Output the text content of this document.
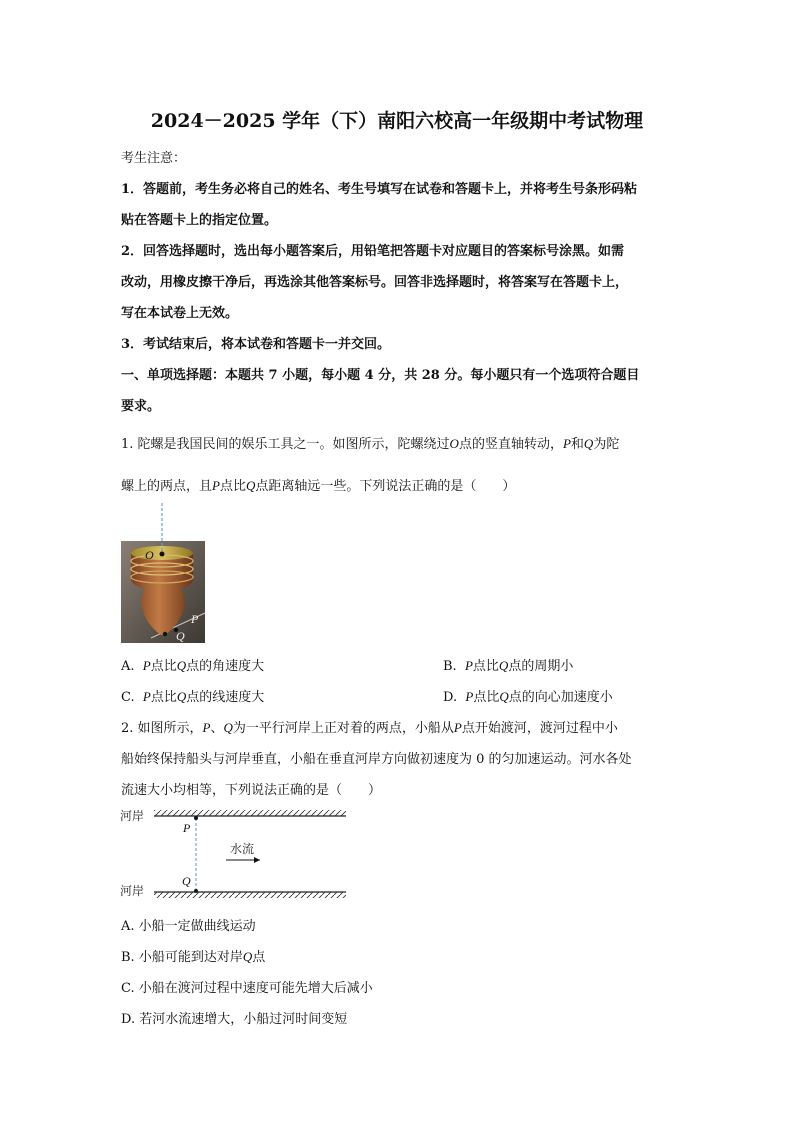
2024－2025 学年（下）南阳六校高一年级期中考试物理
考生注意：
1．答题前，考生务必将自己的姓名、考生号填写在试卷和答题卡上，并将考生号条形码粘
贴在答题卡上的指定位置。
2．回答选择题时，选出每小题答案后，用铅笔把答题卡对应题目的答案标号涂黑。如需
改动，用橡皮擦干净后，再选涂其他答案标号。回答非选择题时，将答案写在答题卡上，
写在本试卷上无效。
3．考试结束后，将本试卷和答题卡一并交回。
一、单项选择题：本题共 7 小题，每小题 4 分，共 28 分。每小题只有一个选项符合题目
要求。
1. 陀螺是我国民间的娱乐工具之一。如图所示，陀螺绕过O点的竖直轴转动，P和Q为陀
螺上的两点，且P点比Q点距离轴远一些。下列说法正确的是（　　）
O
P
Q
A. P点比Q点的角速度大	B. P点比Q点的周期小
C. P点比Q点的线速度大	D. P点比Q点的向心加速度小
2. 如图所示，P、Q为一平行河岸上正对着的两点，小船从P点开始渡河，渡河过程中小
船始终保持船头与河岸垂直，小船在垂直河岸方向做初速度为 0 的匀加速运动。河水各处
流速大小均相等，下列说法正确的是（　　）
河岸
P
Q
水流
河岸
A. 小船一定做曲线运动
B. 小船可能到达对岸Q点
C. 小船在渡河过程中速度可能先增大后减小
D. 若河水流速增大，小船过河时间变短
